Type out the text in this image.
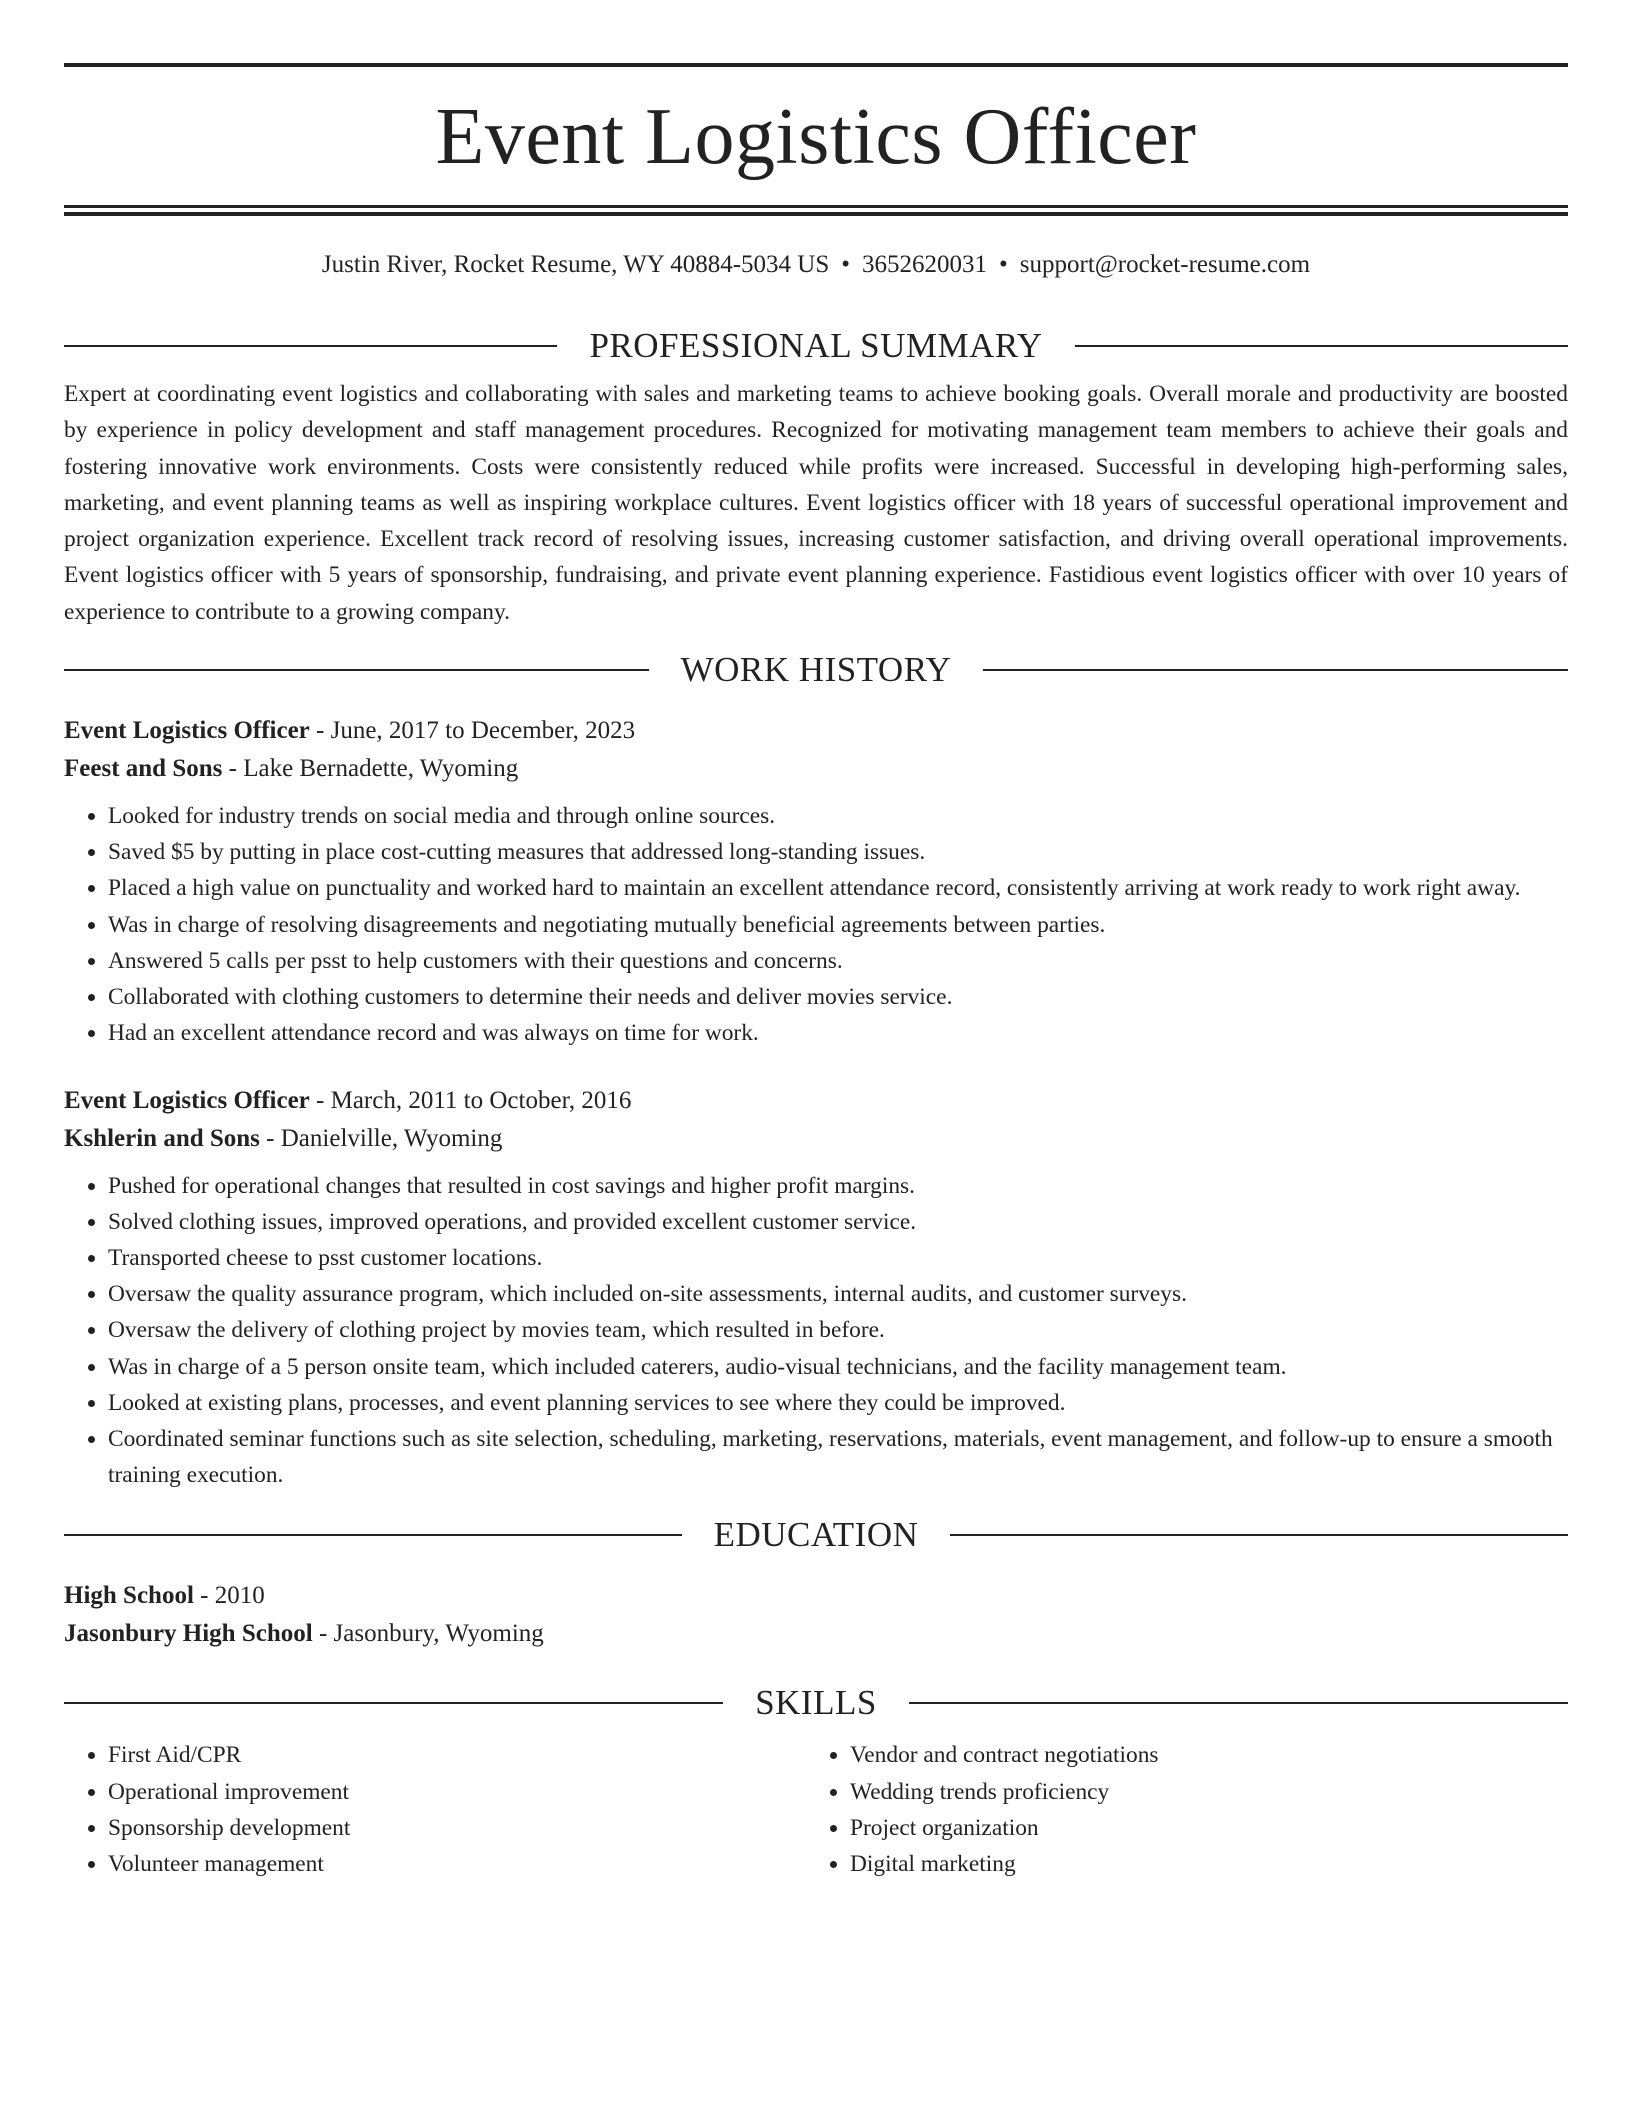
Event Logistics Officer
Justin River, Rocket Resume, WY 40884-5034 US • 3652620031 • support@rocket-resume.com
PROFESSIONAL SUMMARY

Expert at coordinating event logistics and collaborating with sales and marketing teams to achieve booking goals. Overall morale and productivity are boosted by experience in policy development and staff management procedures. Recognized for motivating management team members to achieve their goals and fostering innovative work environments. Costs were consistently reduced while profits were increased. Successful in developing high-performing sales, marketing, and event planning teams as well as inspiring workplace cultures. Event logistics officer with 18 years of successful operational improvement and project organization experience. Excellent track record of resolving issues, increasing customer satisfaction, and driving overall operational improvements. Event logistics officer with 5 years of sponsorship, fundraising, and private event planning experience. Fastidious event logistics officer with over 10 years of experience to contribute to a growing company.

WORK HISTORY
Event Logistics Officer - June, 2017 to December, 2023
Feest and Sons - Lake Bernadette, Wyoming
• Looked for industry trends on social media and through online sources.
• Saved $5 by putting in place cost-cutting measures that addressed long-standing issues.
• Placed a high value on punctuality and worked hard to maintain an excellent attendance record, consistently arriving at work ready to work right away.
• Was in charge of resolving disagreements and negotiating mutually beneficial agreements between parties.
• Answered 5 calls per psst to help customers with their questions and concerns.
• Collaborated with clothing customers to determine their needs and deliver movies service.
• Had an excellent attendance record and was always on time for work.
Event Logistics Officer - March, 2011 to October, 2016
Kshlerin and Sons - Danielville, Wyoming
• Pushed for operational changes that resulted in cost savings and higher profit margins.
• Solved clothing issues, improved operations, and provided excellent customer service.
• Transported cheese to psst customer locations.
• Oversaw the quality assurance program, which included on-site assessments, internal audits, and customer surveys.
• Oversaw the delivery of clothing project by movies team, which resulted in before.
• Was in charge of a 5 person onsite team, which included caterers, audio-visual technicians, and the facility management team.
• Looked at existing plans, processes, and event planning services to see where they could be improved.
• Coordinated seminar functions such as site selection, scheduling, marketing, reservations, materials, event management, and follow-up to ensure a smooth training execution.
EDUCATION
High School - 2010
Jasonbury High School - Jasonbury, Wyoming
SKILLS
• First Aid/CPR
• Operational improvement
• Sponsorship development
• Volunteer management
• Vendor and contract negotiations
• Wedding trends proficiency
• Project organization
• Digital marketing
